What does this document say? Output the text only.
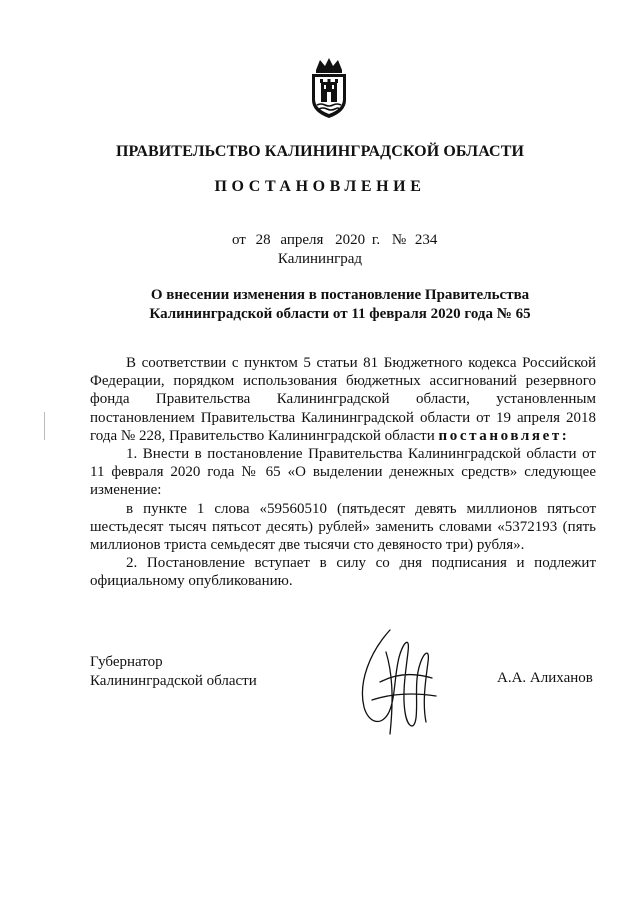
ПРАВИТЕЛЬСТВО КАЛИНИНГРАДСКОЙ ОБЛАСТИ
ПОСТАНОВЛЕНИЕ
от 28 апреля 2020 г. № 234
Калининград
О внесении изменения в постановление Правительства
Калининградской области от 11 февраля 2020 года № 65

В соответствии с пунктом 5 статьи 81 Бюджетного кодекса Российской Федерации, порядком использования бюджетных ассигнований резервного фонда Правительства Калининградской области, установленным постановлением Правительства Калининградской области от 19 апреля 2018 года № 228, Правительство Калининградской области постановляет:

1. Внести в постановление Правительства Калининградской области от 11 февраля 2020 года № 65 «О выделении денежных средств» следующее изменение:

в пункте 1 слова «59560510 (пятьдесят девять миллионов пятьсот шестьдесят тысяч пятьсот десять) рублей» заменить словами «5372193 (пять миллионов триста семьдесят две тысячи сто девяносто три) рубля».

2. Постановление вступает в силу со дня подписания и подлежит официальному опубликованию.

Губернатор
Калининградской области	А.А. Алиханов
